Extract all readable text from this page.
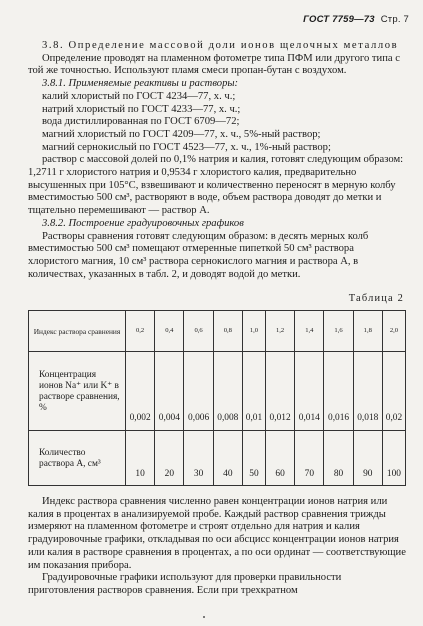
ГОСТ 7759—73 Стр. 7

3.8. Определение массовой доли ионов щелочных металлов

Определение проводят на пламенном фотометре типа ПФМ или другого типа с той же точностью. Используют пламя смеси пропан-бутан с воздухом.

3.8.1. Применяемые реактивы и растворы:

калий хлористый по ГОСТ 4234—77, х. ч.;

натрий хлористый по ГОСТ 4233—77, х. ч.;

вода дистиллированная по ГОСТ 6709—72;

магний хлористый по ГОСТ 4209—77, х. ч., 5%-ный раствор;

магний сернокислый по ГОСТ 4523—77, х. ч., 1%-ный раствор;

раствор с массовой долей по 0,1% натрия и калия, готовят следующим образом: 1,2711 г хлористого натрия и 0,9534 г хлористого калия, предварительно высушенных при 105°С, взвешивают и количественно переносят в мерную колбу вместимостью 500 см³, растворяют в воде, объем раствора доводят до метки и тщательно перемешивают — раствор А.

3.8.2. Построение градуировочных графиков

Растворы сравнения готовят следующим образом: в десять мерных колб вместимостью 500 см³ помещают отмеренные пипеткой 50 см³ раствора хлористого магния, 10 см³ раствора сернокислого магния и раствора А, в количествах, указанных в табл. 2, и доводят водой до метки.

Таблица 2
Индекс раствора сравнения	0,2	0,4	0,6	0,8	1,0	1,2	1,4	1,6	1,8	2,0
Концентрация ионов Na⁺ или K⁺ в растворе сравнения, %	0,002	0,004	0,006	0,008	0,01	0,012	0,014	0,016	0,018	0,02
Количество раствора А, см³	10	20	30	40	50	60	70	80	90	100

Индекс раствора сравнения численно равен концентрации ионов натрия или калия в процентах в анализируемой пробе. Каждый раствор сравнения трижды измеряют на пламенном фотометре и строят отдельно для натрия и калия градуировочные графики, откладывая по оси абсцисс концентрации ионов натрия или калия в растворе сравнения в процентах, а по оси ординат — соответствующие им показания прибора.

Градуировочные графики используют для проверки правильности приготовления растворов сравнения. Если при трехкратном
